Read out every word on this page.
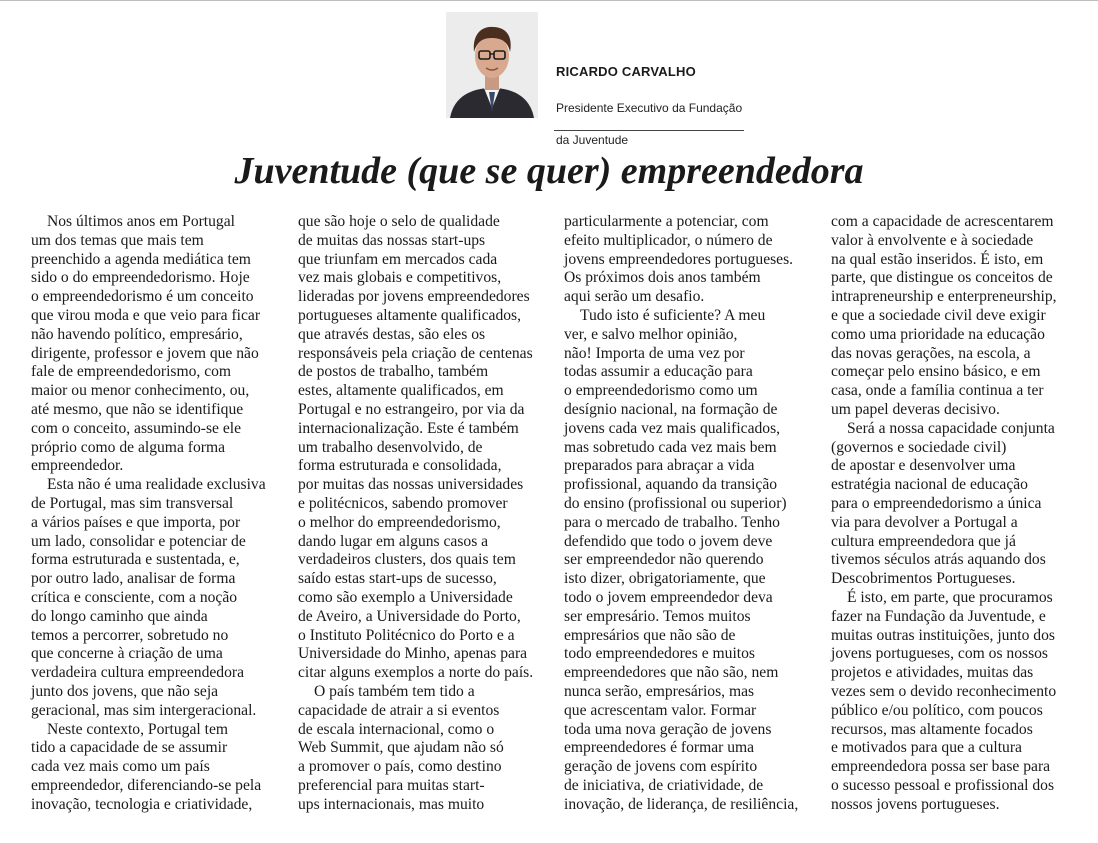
RICARDO CARVALHO

Presidente Executivo da Fundação

da Juventude

Juventude (que se quer) empreendedora
Nos últimos anos em Portugal
um dos temas que mais tem
preenchido a agenda mediática tem
sido o do empreendedorismo. Hoje
o empreendedorismo é um conceito
que virou moda e que veio para ficar
não havendo político, empresário,
dirigente, professor e jovem que não
fale de empreendedorismo, com
maior ou menor conhecimento, ou,
até mesmo, que não se identifique
com o conceito, assumindo-se ele
próprio como de alguma forma
empreendedor.
Esta não é uma realidade exclusiva
de Portugal, mas sim transversal
a vários países e que importa, por
um lado, consolidar e potenciar de
forma estruturada e sustentada, e,
por outro lado, analisar de forma
crítica e consciente, com a noção
do longo caminho que ainda
temos a percorrer, sobretudo no
que concerne à criação de uma
verdadeira cultura empreendedora
junto dos jovens, que não seja
geracional, mas sim intergeracional.
Neste contexto, Portugal tem
tido a capacidade de se assumir
cada vez mais como um país
empreendedor, diferenciando-se pela
inovação, tecnologia e criatividade,
que são hoje o selo de qualidade
de muitas das nossas start-ups
que triunfam em mercados cada
vez mais globais e competitivos,
lideradas por jovens empreendedores
portugueses altamente qualificados,
que através destas, são eles os
responsáveis pela criação de centenas
de postos de trabalho, também
estes, altamente qualificados, em
Portugal e no estrangeiro, por via da
internacionalização. Este é também
um trabalho desenvolvido, de
forma estruturada e consolidada,
por muitas das nossas universidades
e politécnicos, sabendo promover
o melhor do empreendedorismo,
dando lugar em alguns casos a
verdadeiros clusters, dos quais tem
saído estas start-ups de sucesso,
como são exemplo a Universidade
de Aveiro, a Universidade do Porto,
o Instituto Politécnico do Porto e a
Universidade do Minho, apenas para
citar alguns exemplos a norte do país.
O país também tem tido a
capacidade de atrair a si eventos
de escala internacional, como o
Web Summit, que ajudam não só
a promover o país, como destino
preferencial para muitas start-
ups internacionais, mas muito
particularmente a potenciar, com
efeito multiplicador, o número de
jovens empreendedores portugueses.
Os próximos dois anos também
aqui serão um desafio.
Tudo isto é suficiente? A meu
ver, e salvo melhor opinião,
não! Importa de uma vez por
todas assumir a educação para
o empreendedorismo como um
desígnio nacional, na formação de
jovens cada vez mais qualificados,
mas sobretudo cada vez mais bem
preparados para abraçar a vida
profissional, aquando da transição
do ensino (profissional ou superior)
para o mercado de trabalho. Tenho
defendido que todo o jovem deve
ser empreendedor não querendo
isto dizer, obrigatoriamente, que
todo o jovem empreendedor deva
ser empresário. Temos muitos
empresários que não são de
todo empreendedores e muitos
empreendedores que não são, nem
nunca serão, empresários, mas
que acrescentam valor. Formar
toda uma nova geração de jovens
empreendedores é formar uma
geração de jovens com espírito
de iniciativa, de criatividade, de
inovação, de liderança, de resiliência,
com a capacidade de acrescentarem
valor à envolvente e à sociedade
na qual estão inseridos. É isto, em
parte, que distingue os conceitos de
intrapreneurship e enterpreneurship,
e que a sociedade civil deve exigir
como uma prioridade na educação
das novas gerações, na escola, a
começar pelo ensino básico, e em
casa, onde a família continua a ter
um papel deveras decisivo.
Será a nossa capacidade conjunta
(governos e sociedade civil)
de apostar e desenvolver uma
estratégia nacional de educação
para o empreendedorismo a única
via para devolver a Portugal a
cultura empreendedora que já
tivemos séculos atrás aquando dos
Descobrimentos Portugueses.
É isto, em parte, que procuramos
fazer na Fundação da Juventude, e
muitas outras instituições, junto dos
jovens portugueses, com os nossos
projetos e atividades, muitas das
vezes sem o devido reconhecimento
público e/ou político, com poucos
recursos, mas altamente focados
e motivados para que a cultura
empreendedora possa ser base para
o sucesso pessoal e profissional dos
nossos jovens portugueses.
